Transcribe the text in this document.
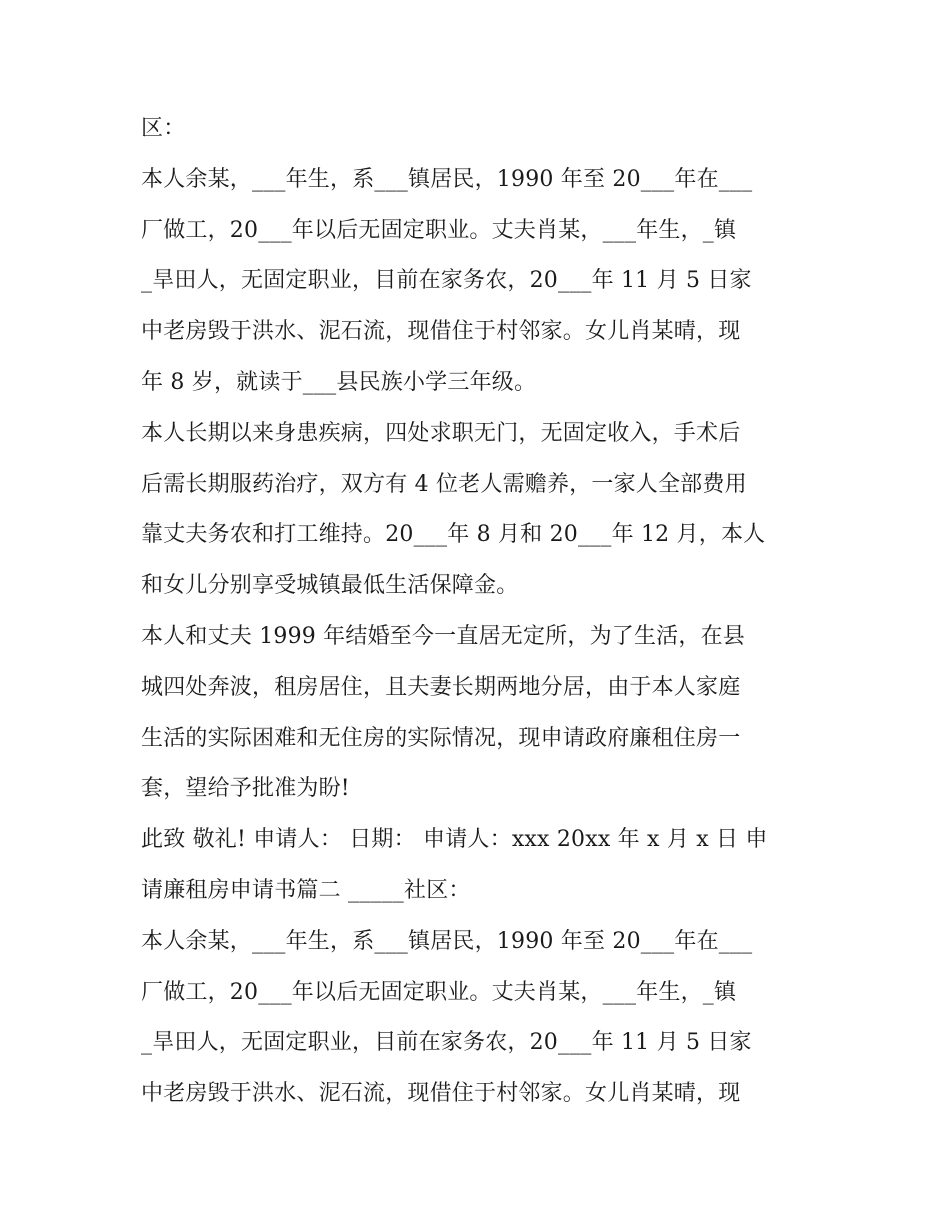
区：
本人余某，___年生，系___镇居民，1990 年至 20___年在___
厂做工，20___年以后无固定职业。丈夫肖某，___年生，_镇
_旱田人，无固定职业，目前在家务农，20___年 11 月 5 日家
中老房毁于洪水、泥石流，现借住于村邻家。女儿肖某晴，现
年 8 岁，就读于___县民族小学三年级。
本人长期以来身患疾病，四处求职无门，无固定收入，手术后
后需长期服药治疗，双方有 4 位老人需赡养，一家人全部费用
靠丈夫务农和打工维持。20___年 8 月和 20___年 12 月，本人
和女儿分别享受城镇最低生活保障金。
本人和丈夫 1999 年结婚至今一直居无定所，为了生活，在县
城四处奔波，租房居住，且夫妻长期两地分居，由于本人家庭
生活的实际困难和无住房的实际情况，现申请政府廉租住房一
套，望给予批准为盼!
此致 敬礼! 申请人： 日期： 申请人：xxx 20xx 年 x 月 x 日 申
请廉租房申请书篇二 _____社区：
本人余某，___年生，系___镇居民，1990 年至 20___年在___
厂做工，20___年以后无固定职业。丈夫肖某，___年生，_镇
_旱田人，无固定职业，目前在家务农，20___年 11 月 5 日家
中老房毁于洪水、泥石流，现借住于村邻家。女儿肖某晴，现
